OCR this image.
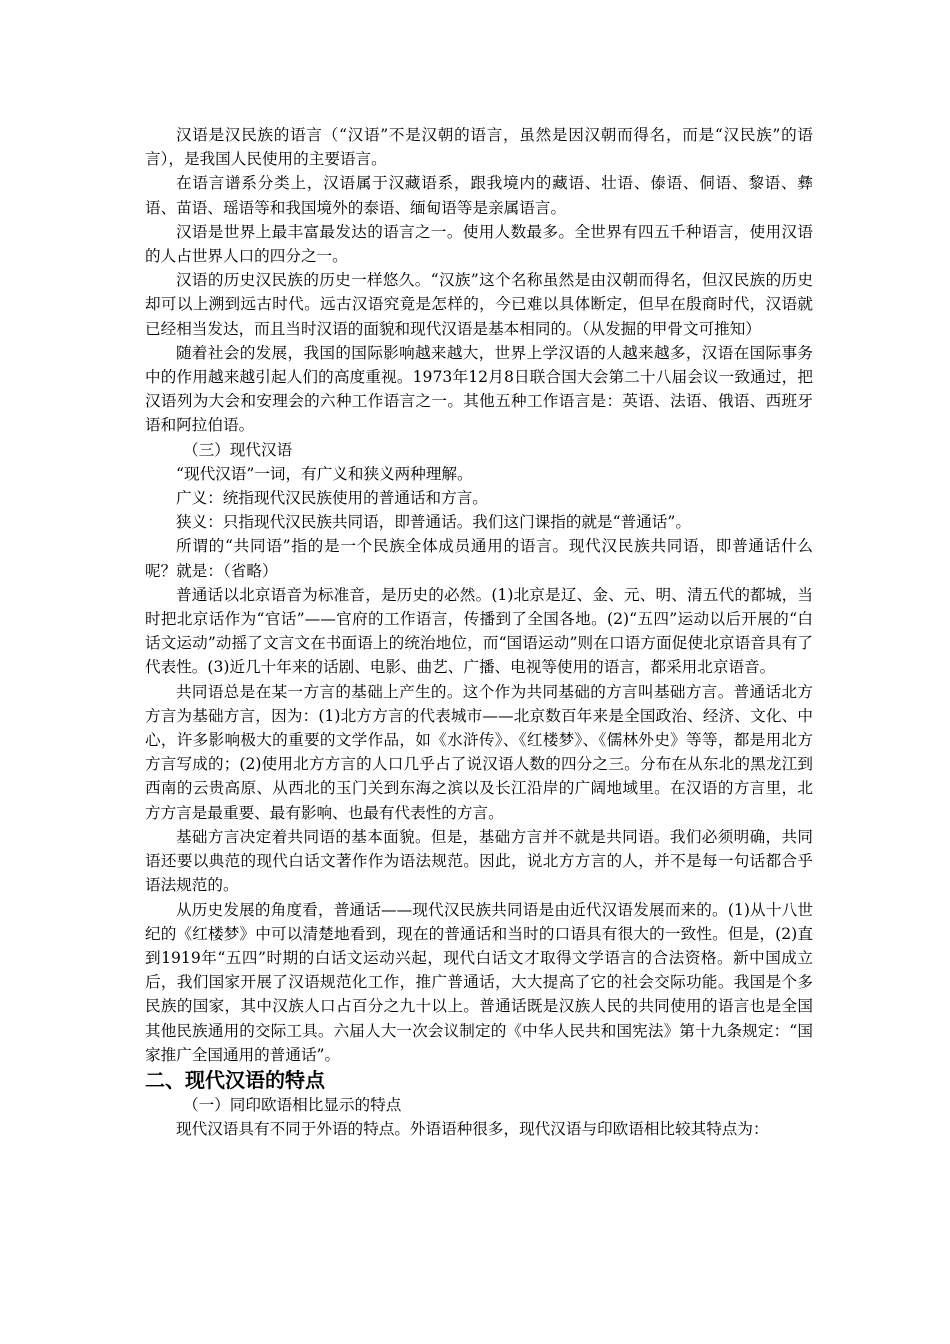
汉语是汉民族的语言（“汉语”不是汉朝的语言，虽然是因汉朝而得名，而是“汉民族”的语言），是我国人民使用的主要语言。

在语言谱系分类上，汉语属于汉藏语系，跟我境内的藏语、壮语、傣语、侗语、黎语、彝语、苗语、瑶语等和我国境外的泰语、缅甸语等是亲属语言。

汉语是世界上最丰富最发达的语言之一。使用人数最多。全世界有四五千种语言，使用汉语的人占世界人口的四分之一。

汉语的历史汉民族的历史一样悠久。“汉族”这个名称虽然是由汉朝而得名，但汉民族的历史却可以上溯到远古时代。远古汉语究竟是怎样的，今已难以具体断定，但早在殷商时代，汉语就已经相当发达，而且当时汉语的面貌和现代汉语是基本相同的。（从发掘的甲骨文可推知）

随着社会的发展，我国的国际影响越来越大，世界上学汉语的人越来越多，汉语在国际事务中的作用越来越引起人们的高度重视。1973年12月8日联合国大会第二十八届会议一致通过，把汉语列为大会和安理会的六种工作语言之一。其他五种工作语言是：英语、法语、俄语、西班牙语和阿拉伯语。

（三）现代汉语

“现代汉语”一词，有广义和狭义两种理解。

广义：统指现代汉民族使用的普通话和方言。

狭义：只指现代汉民族共同语，即普通话。我们这门课指的就是“普通话”。

所谓的“共同语”指的是一个民族全体成员通用的语言。现代汉民族共同语，即普通话什么呢？就是：（省略）

普通话以北京语音为标准音，是历史的必然。(1)北京是辽、金、元、明、清五代的都城，当时把北京话作为“官话”——官府的工作语言，传播到了全国各地。(2)“五四”运动以后开展的“白话文运动”动摇了文言文在书面语上的统治地位，而“国语运动”则在口语方面促使北京语音具有了代表性。(3)近几十年来的话剧、电影、曲艺、广播、电视等使用的语言，都采用北京语音。

共同语总是在某一方言的基础上产生的。这个作为共同基础的方言叫基础方言。普通话北方方言为基础方言，因为：(1)北方方言的代表城市——北京数百年来是全国政治、经济、文化、中心，许多影响极大的重要的文学作品，如《水浒传》、《红楼梦》、《儒林外史》等等，都是用北方方言写成的；(2)使用北方方言的人口几乎占了说汉语人数的四分之三。分布在从东北的黑龙江到西南的云贵高原、从西北的玉门关到东海之滨以及长江沿岸的广阔地域里。在汉语的方言里，北方方言是最重要、最有影响、也最有代表性的方言。

基础方言决定着共同语的基本面貌。但是，基础方言并不就是共同语。我们必须明确，共同语还要以典范的现代白话文著作作为语法规范。因此，说北方方言的人，并不是每一句话都合乎语法规范的。

从历史发展的角度看，普通话——现代汉民族共同语是由近代汉语发展而来的。(1)从十八世纪的《红楼梦》中可以清楚地看到，现在的普通话和当时的口语具有很大的一致性。但是，(2)直到1919年“五四”时期的白话文运动兴起，现代白话文才取得文学语言的合法资格。新中国成立后，我们国家开展了汉语规范化工作，推广普通话，大大提高了它的社会交际功能。我国是个多民族的国家，其中汉族人口占百分之九十以上。普通话既是汉族人民的共同使用的语言也是全国其他民族通用的交际工具。六届人大一次会议制定的《中华人民共和国宪法》第十九条规定：“国家推广全国通用的普通话”。

二、现代汉语的特点

（一）同印欧语相比显示的特点

现代汉语具有不同于外语的特点。外语语种很多，现代汉语与印欧语相比较其特点为：
